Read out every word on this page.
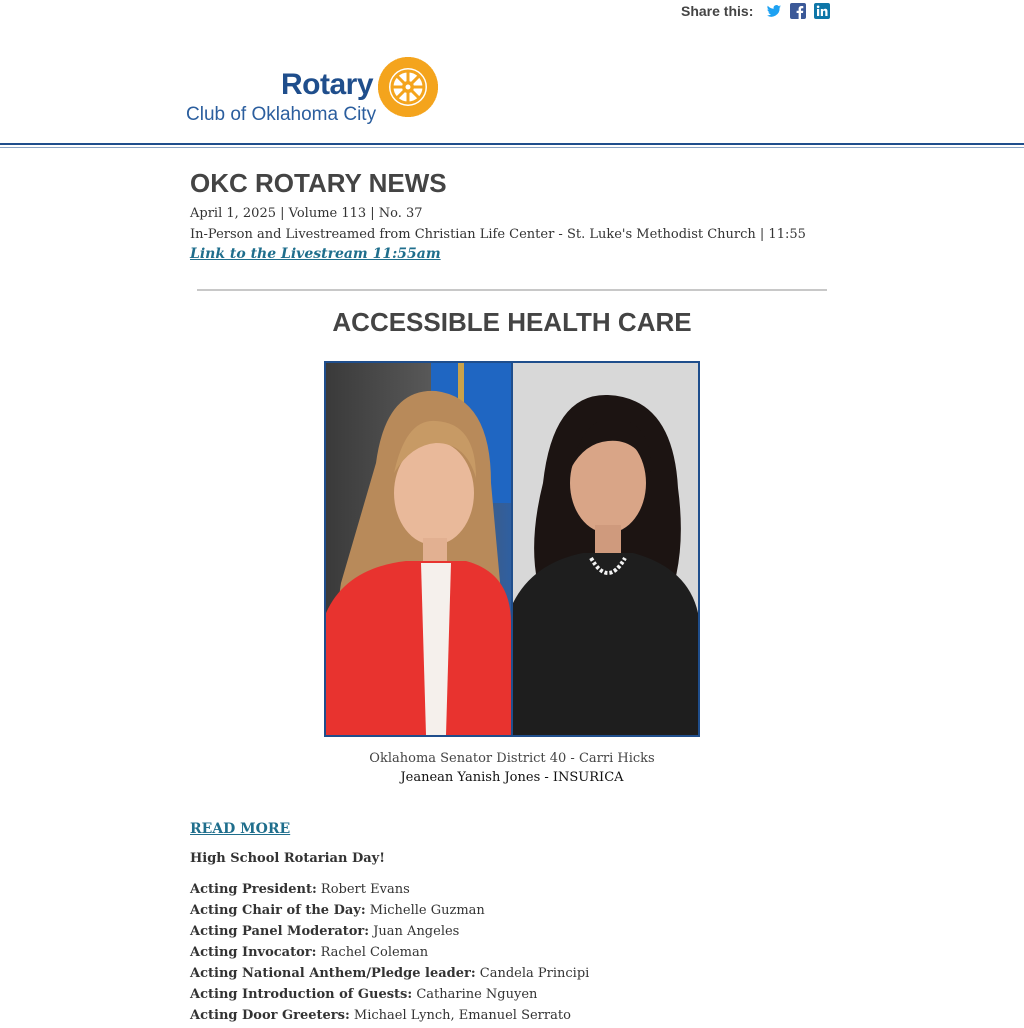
Share this:
Rotary
Club of Oklahoma City
OKC ROTARY NEWS
April 1, 2025 | Volume 113 | No. 37
In-Person and Livestreamed from Christian Life Center - St. Luke's Methodist Church | 11:55
Link to the Livestream 11:55am
ACCESSIBLE HEALTH CARE
Oklahoma Senator District 40 - Carri Hicks
Jeanean Yanish Jones - INSURICA
READ MORE
High School Rotarian Day!
Acting President: Robert Evans
Acting Chair of the Day: Michelle Guzman
Acting Panel Moderator: Juan Angeles
Acting Invocator: Rachel Coleman
Acting National Anthem/Pledge leader: Candela Principi
Acting Introduction of Guests: Catharine Nguyen
Acting Door Greeters: Michael Lynch, Emanuel Serrato
